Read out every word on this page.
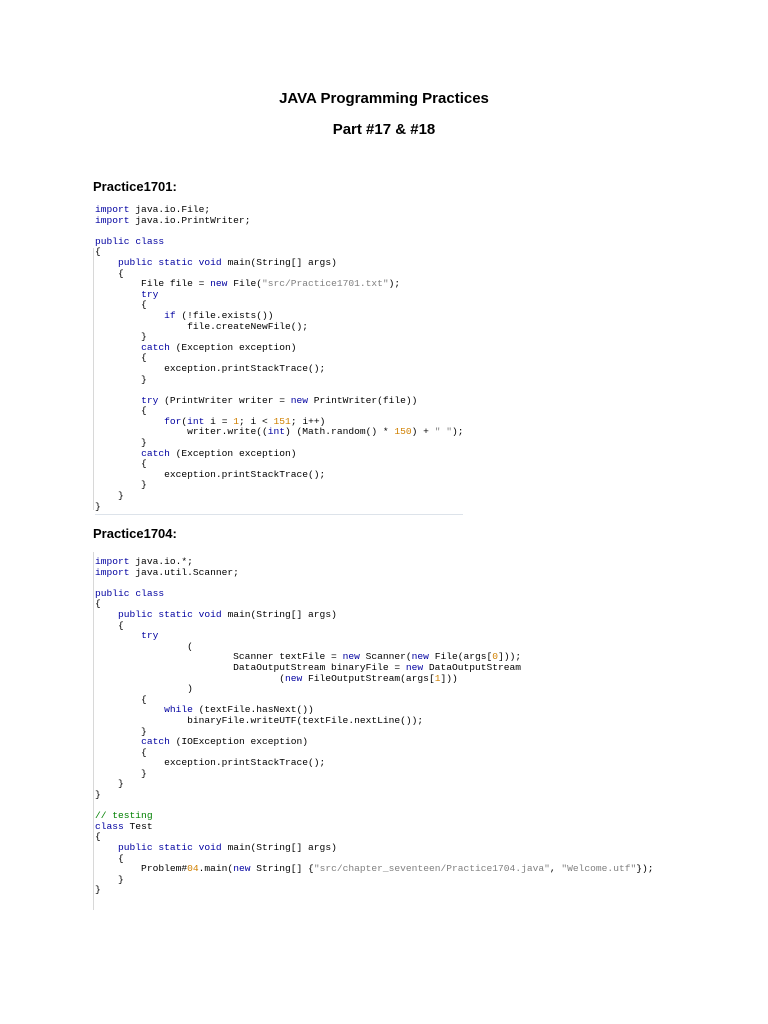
JAVA Programming Practices
Part #17 & #18
Practice1701:
import java.io.File;
import java.io.PrintWriter;

public class
{
public static void main(String[] args)
{
File file = new File("src/Practice1701.txt");
try
{
if (!file.exists())
file.createNewFile();
}
catch (Exception exception)
{
exception.printStackTrace();
}

try (PrintWriter writer = new PrintWriter(file))
{
for(int i = 1; i < 151; i++)
writer.write((int) (Math.random() * 150) + " ");
}
catch (Exception exception)
{
exception.printStackTrace();
}
}
}
Practice1704:
import java.io.*;
import java.util.Scanner;

public class
{
public static void main(String[] args)
{
try
(
Scanner textFile = new Scanner(new File(args[0]));
DataOutputStream binaryFile = new DataOutputStream
(new FileOutputStream(args[1]))
)
{
while (textFile.hasNext())
binaryFile.writeUTF(textFile.nextLine());
}
catch (IOException exception)
{
exception.printStackTrace();
}
}
}

// testing
class Test
{
public static void main(String[] args)
{
Problem#04.main(new String[] {"src/chapter_seventeen/Practice1704.java", "Welcome.utf"});
}
}
